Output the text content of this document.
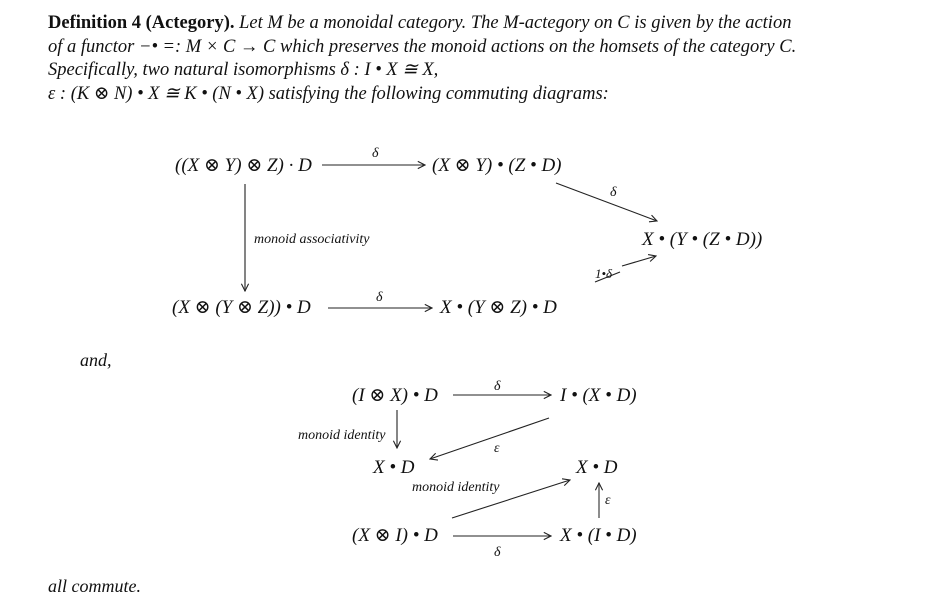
Definition 4 (Actegory). Let M be a monoidal category. The M-actegory on C is given by the action
of a functor −• =: M × C → C which preserves the monoid actions on the homsets of the category C.
Specifically, two natural isomorphisms δ : I • X ≅ X,
ε : (K ⊗ N) • X ≅ K • (N • X) satisfying the following commuting diagrams:
((X ⊗ Y) ⊗ Z) · D
δ
(X ⊗ Y) • (Z • D)
δ
X • (Y • (Z • D))
monoid associativity
(X ⊗ (Y ⊗ Z)) • D	δ	X • (Y ⊗ Z) • D
1•δ
and,
(I ⊗ X) • D	δ	I • (X • D)
monoid identity
ε
X • D	X • D
monoid identity
ε
(X ⊗ I) • D
δ
X • (I • D)
all commute.
